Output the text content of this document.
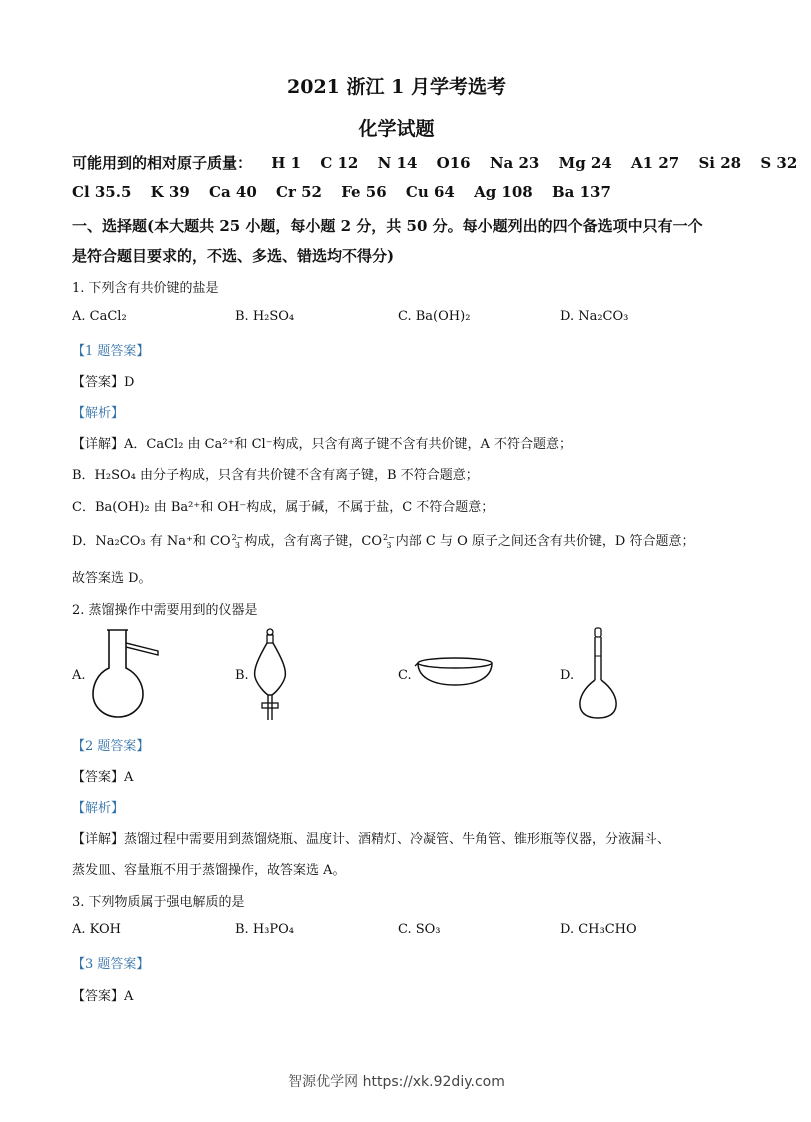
2021 浙江 1 月学考选考
化学试题
可能用到的相对原子质量： H 1 C 12 N 14 O16 Na 23 Mg 24 A1 27 Si 28 S 32
Cl 35.5 K 39 Ca 40 Cr 52 Fe 56 Cu 64 Ag 108 Ba 137
一、选择题(本大题共 25 小题，每小题 2 分，共 50 分。每小题列出的四个备选项中只有一个
是符合题目要求的，不选、多选、错选均不得分)
1. 下列含有共价键的盐是
A. CaCl₂	B. H₂SO₄	C. Ba(OH)₂	D. Na₂CO₃
【1 题答案】
【答案】D
【解析】
【详解】A．CaCl₂ 由 Ca²⁺和 Cl⁻构成，只含有离子键不含有共价键，A 不符合题意；
B．H₂SO₄ 由分子构成，只含有共价键不含有离子键，B 不符合题意；
C．Ba(OH)₂ 由 Ba²⁺和 OH⁻构成，属于碱，不属于盐，C 不符合题意；
D．Na₂CO₃ 有 Na⁺和 CO2−
3 构成，含有离子键，CO2−
3 内部 C 与 O 原子之间还含有共价键，D 符合题意；
故答案选 D。
2. 蒸馏操作中需要用到的仪器是
A.	B.	C.	D.
【2 题答案】
【答案】A
【解析】
【详解】蒸馏过程中需要用到蒸馏烧瓶、温度计、酒精灯、冷凝管、牛角管、锥形瓶等仪器，分液漏斗、
蒸发皿、容量瓶不用于蒸馏操作，故答案选 A。
3. 下列物质属于强电解质的是
A. KOH	B. H₃PO₄	C. SO₃	D. CH₃CHO
【3 题答案】
【答案】A
智源优学网 https://xk.92diy.com
